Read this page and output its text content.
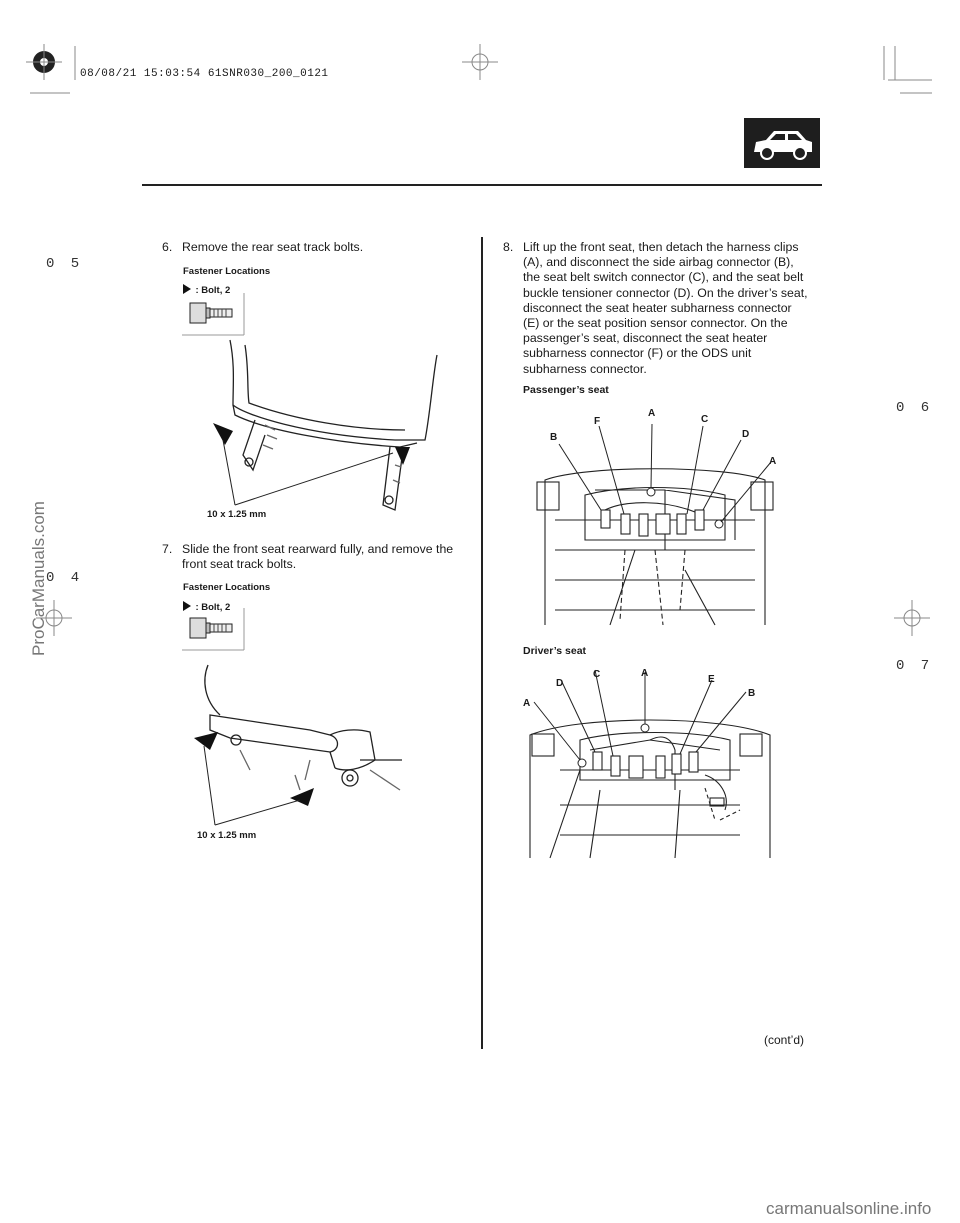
08/08/21 15:03:54 61SNR030_200_0121
0 5
0 4
0 6
0 7
6. Remove the rear seat track bolts.
Fastener Locations
: Bolt, 2
10 x 1.25 mm
7. Slide the front seat rearward fully, and remove the
front seat track bolts.
Fastener Locations
: Bolt, 2
10 x 1.25 mm
8. Lift up the front seat, then detach the harness clips
(A), and disconnect the side airbag connector (B),
the seat belt switch connector (C), and the seat belt
buckle tensioner connector (D). On the driver’s seat,
disconnect the seat heater subharness connector
(E) or the seat position sensor connector. On the
passenger’s seat, disconnect the seat heater
subharness connector (F) or the ODS unit
subharness connector.
Passenger’s seat
F
A
C
B	D
A
Driver’s seat
C	A
D	E
B
A
(cont’d)
ProCarManuals.com
carmanualsonline.info
